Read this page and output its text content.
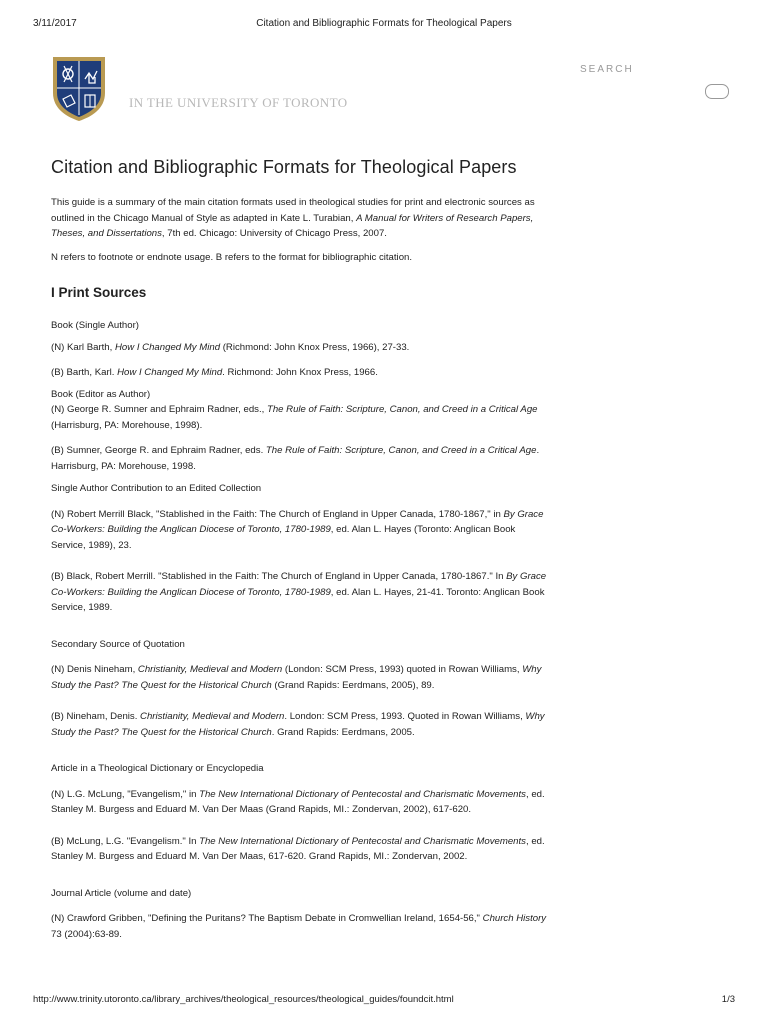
3/11/2017	Citation and Bibliographic Formats for Theological Papers
IN THE UNIVERSITY OF TORONTO
SEARCH
Citation and Bibliographic Formats for Theological Papers

This guide is a summary of the main citation formats used in theological studies for print and electronic sources as outlined in the Chicago Manual of Style as adapted in Kate L. Turabian, A Manual for Writers of Research Papers, Theses, and Dissertations, 7th ed. Chicago: University of Chicago Press, 2007.

N refers to footnote or endnote usage. B refers to the format for bibliographic citation.

I Print Sources

Book (Single Author)

(N) Karl Barth, How I Changed My Mind (Richmond: John Knox Press, 1966), 27-33.

(B) Barth, Karl. How I Changed My Mind. Richmond: John Knox Press, 1966.

Book (Editor as Author)

(N) George R. Sumner and Ephraim Radner, eds., The Rule of Faith: Scripture, Canon, and Creed in a Critical Age (Harrisburg, PA: Morehouse, 1998).

(B) Sumner, George R. and Ephraim Radner, eds. The Rule of Faith: Scripture, Canon, and Creed in a Critical Age. Harrisburg, PA: Morehouse, 1998.

Single Author Contribution to an Edited Collection

(N) Robert Merrill Black, "Stablished in the Faith: The Church of England in Upper Canada, 1780-1867," in By Grace Co-Workers: Building the Anglican Diocese of Toronto, 1780-1989, ed. Alan L. Hayes (Toronto: Anglican Book Service, 1989), 23.

(B) Black, Robert Merrill. "Stablished in the Faith: The Church of England in Upper Canada, 1780-1867." In By Grace Co-Workers: Building the Anglican Diocese of Toronto, 1780-1989, ed. Alan L. Hayes, 21-41. Toronto: Anglican Book Service, 1989.

Secondary Source of Quotation

(N) Denis Nineham, Christianity, Medieval and Modern (London: SCM Press, 1993) quoted in Rowan Williams, Why Study the Past? The Quest for the Historical Church (Grand Rapids: Eerdmans, 2005), 89.

(B) Nineham, Denis. Christianity, Medieval and Modern. London: SCM Press, 1993. Quoted in Rowan Williams, Why Study the Past? The Quest for the Historical Church. Grand Rapids: Eerdmans, 2005.

Article in a Theological Dictionary or Encyclopedia

(N) L.G. McLung, "Evangelism," in The New International Dictionary of Pentecostal and Charismatic Movements, ed. Stanley M. Burgess and Eduard M. Van Der Maas (Grand Rapids, MI.: Zondervan, 2002), 617-620.

(B) McLung, L.G. "Evangelism." In The New International Dictionary of Pentecostal and Charismatic Movements, ed. Stanley M. Burgess and Eduard M. Van Der Maas, 617-620. Grand Rapids, MI.: Zondervan, 2002.

Journal Article (volume and date)

(N) Crawford Gribben, "Defining the Puritans? The Baptism Debate in Cromwellian Ireland, 1654-56," Church History 73 (2004):63-89.

http://www.trinity.utoronto.ca/library_archives/theological_resources/theological_guides/foundcit.html	1/3
